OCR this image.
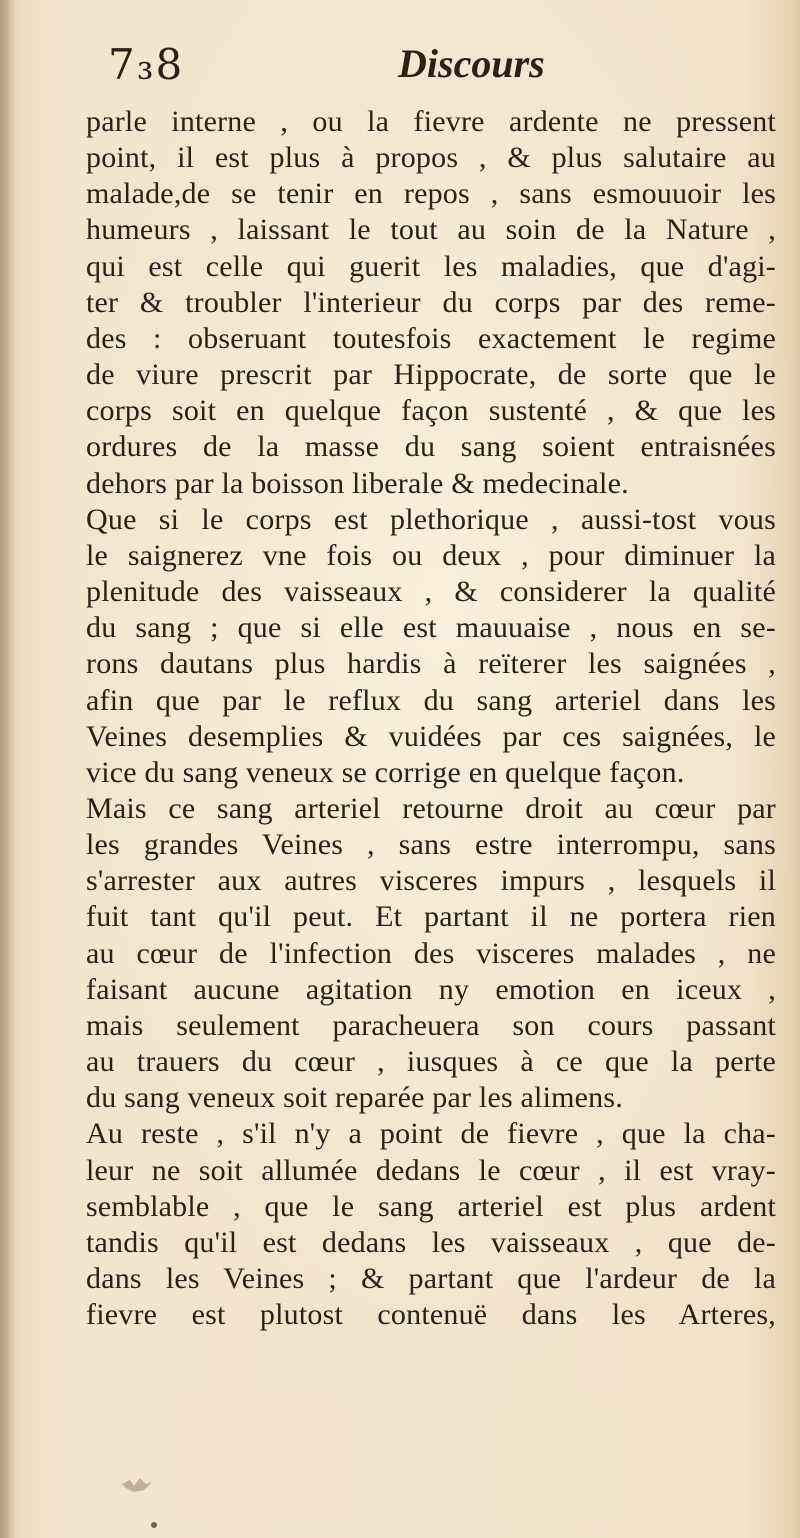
7₃8	Discours
parle interne , ou la fievre ardente ne pressent
point, il est plus à propos , & plus salutaire au
malade,de se tenir en repos , sans esmouuoir les
humeurs , laissant le tout au soin de la Nature ,
qui est celle qui guerit les maladies, que d'agi-
ter & troubler l'interieur du corps par des reme-
des : obseruant toutesfois exactement le regime
de viure prescrit par Hippocrate, de sorte que le
corps soit en quelque façon sustenté , & que les
ordures de la masse du sang soient entraisnées
dehors par la boisson liberale & medecinale.
Que si le corps est plethorique , aussi-tost vous
le saignerez vne fois ou deux , pour diminuer la
plenitude des vaisseaux , & considerer la qualité
du sang ; que si elle est mauuaise , nous en se-
rons dautans plus hardis à reïterer les saignées ,
afin que par le reflux du sang arteriel dans les
Veines desemplies & vuidées par ces saignées, le
vice du sang veneux se corrige en quelque façon.
Mais ce sang arteriel retourne droit au cœur par
les grandes Veines , sans estre interrompu, sans
s'arrester aux autres visceres impurs , lesquels il
fuit tant qu'il peut. Et partant il ne portera rien
au cœur de l'infection des visceres malades , ne
faisant aucune agitation ny emotion en iceux ,
mais seulement paracheuera son cours passant
au trauers du cœur , iusques à ce que la perte
du sang veneux soit reparée par les alimens.
Au reste , s'il n'y a point de fievre , que la cha-
leur ne soit allumée dedans le cœur , il est vray-
semblable , que le sang arteriel est plus ardent
tandis qu'il est dedans les vaisseaux , que de-
dans les Veines ; & partant que l'ardeur de la
fievre est plutost contenuë dans les Arteres,
